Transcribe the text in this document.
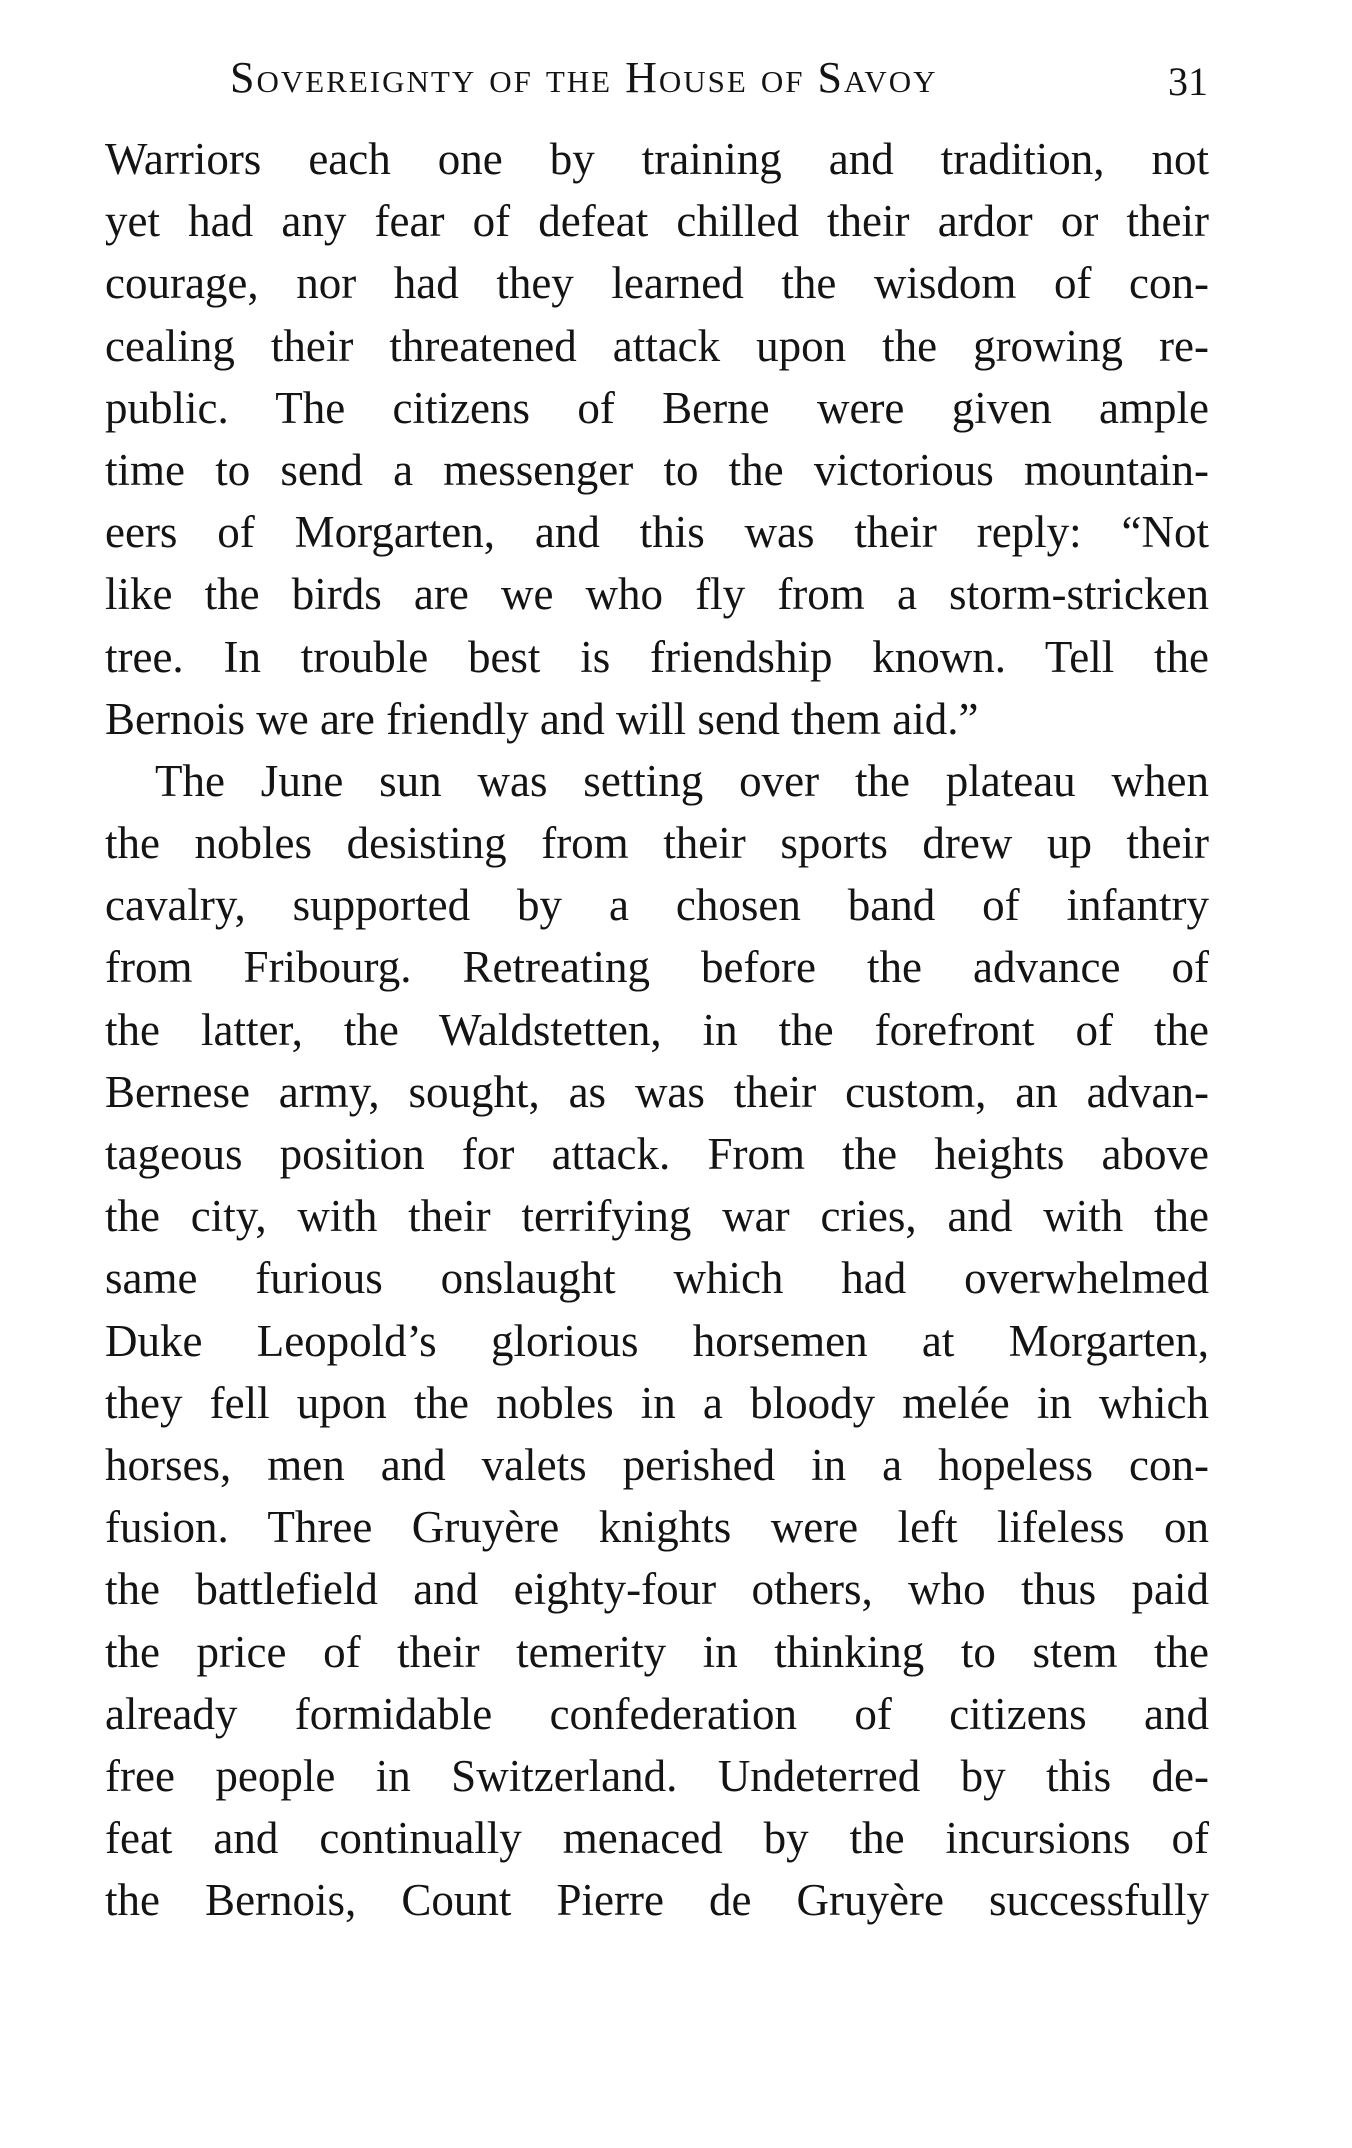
Sovereignty of the House of Savoy	31
Warriors each one by training and tradition, not
yet had any fear of defeat chilled their ardor or their
courage, nor had they learned the wisdom of con-
cealing their threatened attack upon the growing re-
public. The citizens of Berne were given ample
time to send a messenger to the victorious mountain-
eers of Morgarten, and this was their reply: “Not
like the birds are we who fly from a storm-stricken
tree. In trouble best is friendship known. Tell the
Bernois we are friendly and will send them aid.”
The June sun was setting over the plateau when
the nobles desisting from their sports drew up their
cavalry, supported by a chosen band of infantry
from Fribourg. Retreating before the advance of
the latter, the Waldstetten, in the forefront of the
Bernese army, sought, as was their custom, an advan-
tageous position for attack. From the heights above
the city, with their terrifying war cries, and with the
same furious onslaught which had overwhelmed
Duke Leopold’s glorious horsemen at Morgarten,
they fell upon the nobles in a bloody melée in which
horses, men and valets perished in a hopeless con-
fusion. Three Gruyère knights were left lifeless on
the battlefield and eighty-four others, who thus paid
the price of their temerity in thinking to stem the
already formidable confederation of citizens and
free people in Switzerland. Undeterred by this de-
feat and continually menaced by the incursions of
the Bernois, Count Pierre de Gruyère successfully
